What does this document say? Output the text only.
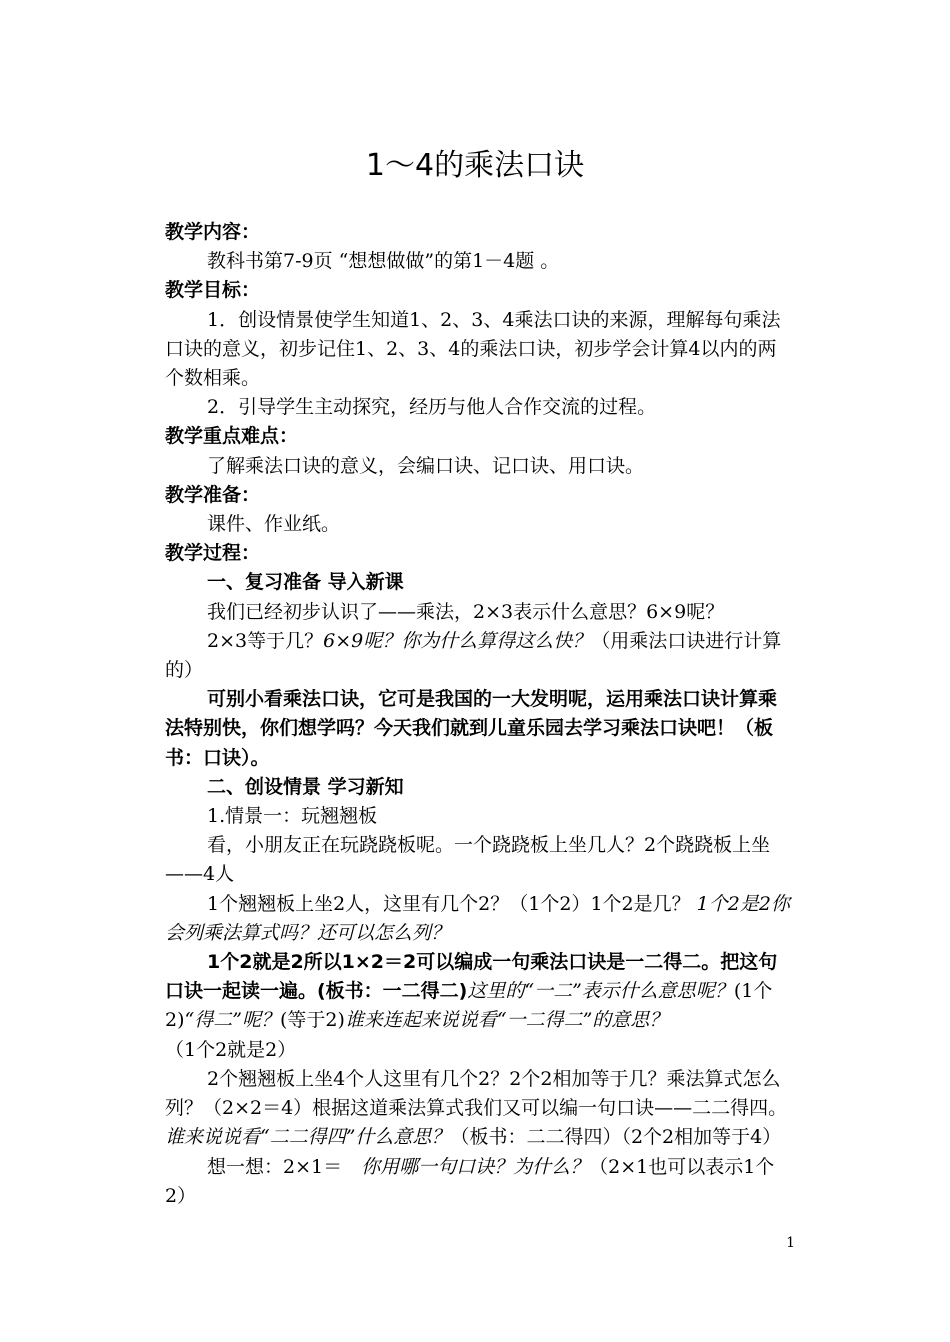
1～4的乘法口诀

教学内容：

教科书第7-9页 “想想做做”的第1－4题 。

教学目标：

1．创设情景使学生知道1、2、3、4乘法口诀的来源，理解每句乘法口诀的意义，初步记住1、2、3、4的乘法口诀，初步学会计算4以内的两个数相乘。

2．引导学生主动探究，经历与他人合作交流的过程。

教学重点难点：

了解乘法口诀的意义，会编口诀、记口诀、用口诀。

教学准备：

课件、作业纸。

教学过程：

一、复习准备 导入新课

我们已经初步认识了——乘法，2×3表示什么意思？6×9呢？

2×3等于几？6×9呢？你为什么算得这么快？（用乘法口诀进行计算的）

可别小看乘法口诀，它可是我国的一大发明呢，运用乘法口诀计算乘法特别快，你们想学吗？今天我们就到儿童乐园去学习乘法口诀吧！（板书：口诀）。

二、创设情景 学习新知

1.情景一：玩翘翘板

看，小朋友正在玩跷跷板呢。一个跷跷板上坐几人？2个跷跷板上坐——4人

1个翘翘板上坐2人，这里有几个2？（1个2）1个2是几？ 1个2是2你会列乘法算式吗？还可以怎么列？

1个2就是2所以1×2＝2可以编成一句乘法口诀是一二得二。把这句口诀一起读一遍。(板书：一二得二)这里的“一二”表示什么意思呢？(1个2)“得二”呢？(等于2)谁来连起来说说看“一二得二”的意思？（1个2就是2）

2个翘翘板上坐4个人这里有几个2？2个2相加等于几？乘法算式怎么列？（2×2＝4）根据这道乘法算式我们又可以编一句口诀——二二得四。谁来说说看“二二得四”什么意思？（板书：二二得四）（2个2相加等于4）

想一想：2×1＝　你用哪一句口诀？为什么？（2×1也可以表示1个2）

1
